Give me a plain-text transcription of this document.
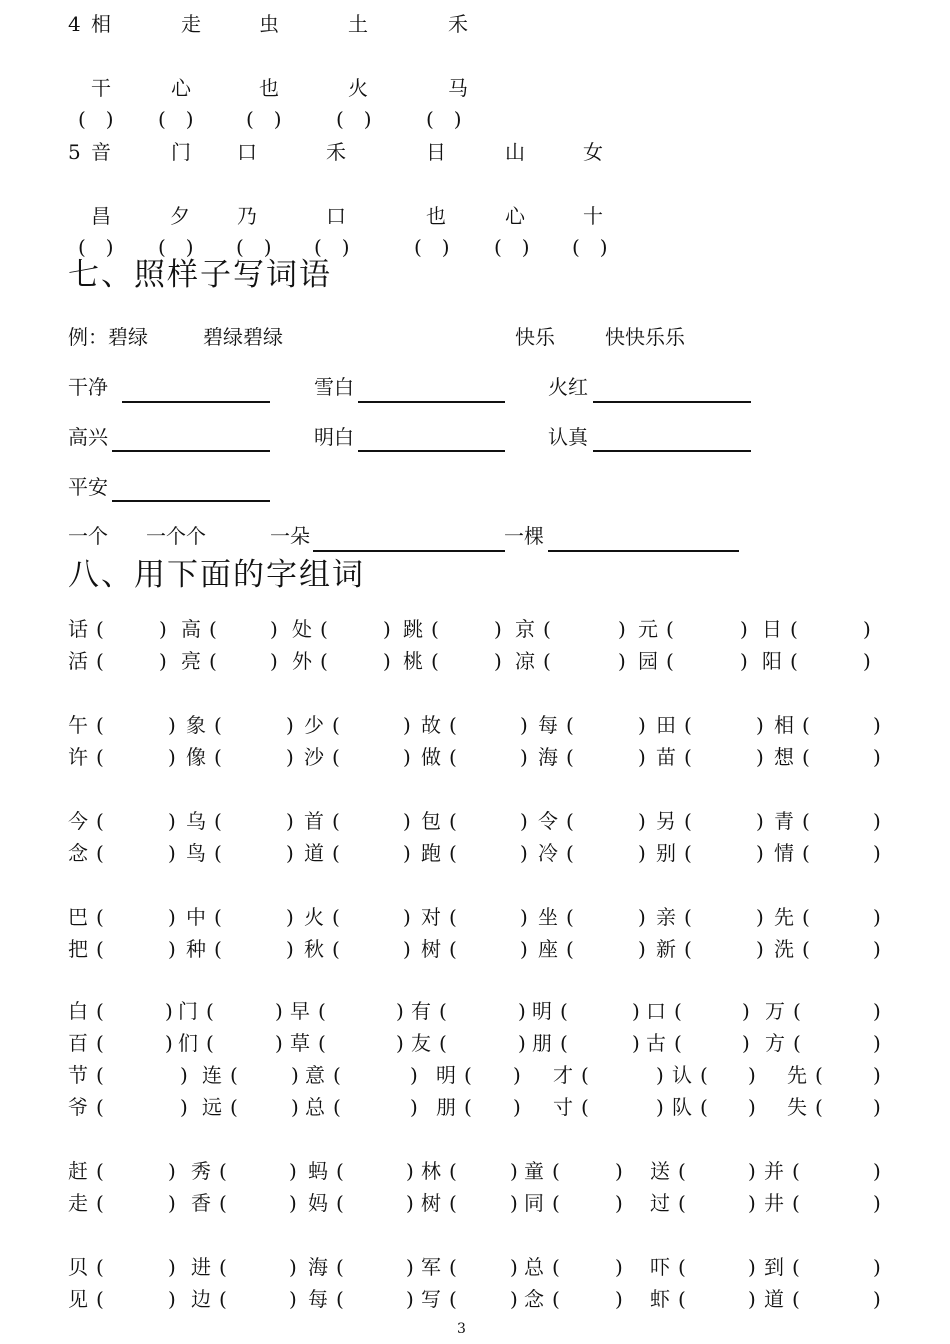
4 相	走	虫	土	禾
干	心	也	火	马
(　) (　)	(　)	(　)	(　)
5 音	门 口	禾	日	山	女
昌	夕 乃	口	也	心	十
(　) (　) (　) (　)	(　) (　) (　)
七、照样子写词语
例：碧绿	碧绿碧绿	快乐	快快乐乐
干净	雪白	火红
高兴	明白	认真
平安
一个 一个个	一朵	一棵
八、用下面的字组词
话 (	) 高 (	) 处 (	) 跳 (	) 京 (	) 元 (	) 日 (	)
活 (	) 亮 (	) 外 (	) 桃 (	) 凉 (	) 园 (	) 阳 (	)
午 (	) 象 (	) 少 (	) 故 (	) 每 (	) 田 (	) 相 (	)
许 (	) 像 (	) 沙 (	) 做 (	) 海 (	) 苗 (	) 想 (	)
今 (	) 乌 (	) 首 (	) 包 (	) 令 (	) 另 (	) 青 (	)
念 (	) 鸟 (	) 道 (	) 跑 (	) 冷 (	) 别 (	) 情 (	)
巴 (	) 中 (	) 火 (	) 对 (	) 坐 (	) 亲 (	) 先 (	)
把 (	) 种 (	) 秋 (	) 树 (	) 座 (	) 新 (	) 洗 (	)
白 (	) 门 (	) 早 (	) 有 (	) 明 (	) 口 (	) 万 (	)
百 (	) 们 (	) 草 (	) 友 (	) 朋 (	) 古 (	) 方 (	)
节 (	) 连 (	) 意 (	) 明 ( ) 才 (	) 认 ( ) 先 (	)
爷 (	) 远 (	) 总 (	) 朋 ( ) 寸 (	) 队 ( ) 失 (	)
赶 (	) 秀 (	) 蚂 (	) 林 (	) 童 (	) 送 (	) 并 (	)
走 (	) 香 (	) 妈 (	) 树 (	) 同 (	) 过 (	) 井 (	)
贝 (	) 进 (	) 海 (	) 军 (	) 总 (	) 吓 (	) 到 (	)
见 (	) 边 (	) 每 (	) 写 (	) 念 (	) 虾 (	) 道 (	)
3
